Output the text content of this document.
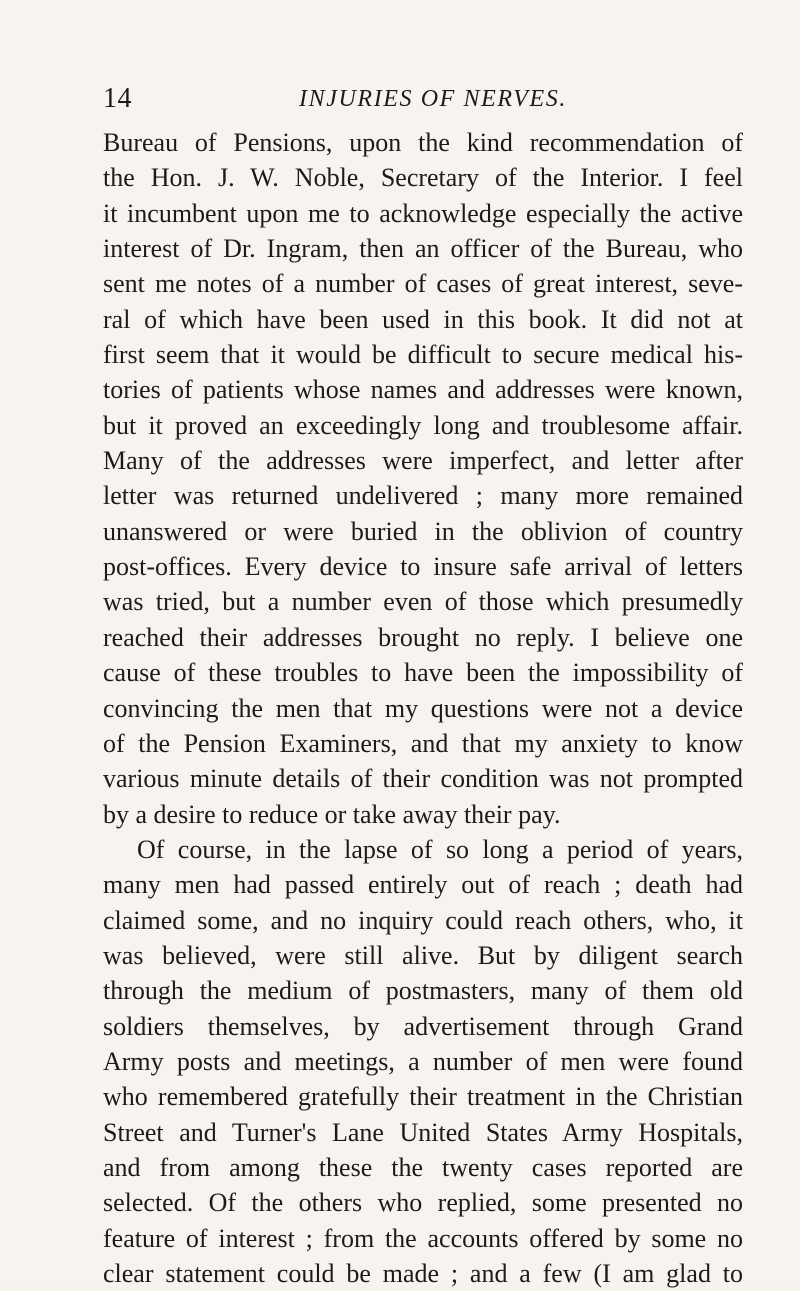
14	INJURIES OF NERVES.
Bureau of Pensions, upon the kind recommendation of
the Hon. J. W. Noble, Secretary of the Interior. I feel
it incumbent upon me to acknowledge especially the active
interest of Dr. Ingram, then an officer of the Bureau, who
sent me notes of a number of cases of great interest, seve-
ral of which have been used in this book. It did not at
first seem that it would be difficult to secure medical his-
tories of patients whose names and addresses were known,
but it proved an exceedingly long and troublesome affair.
Many of the addresses were imperfect, and letter after
letter was returned undelivered ; many more remained
unanswered or were buried in the oblivion of country
post-offices. Every device to insure safe arrival of letters
was tried, but a number even of those which presumedly
reached their addresses brought no reply. I believe one
cause of these troubles to have been the impossibility of
convincing the men that my questions were not a device
of the Pension Examiners, and that my anxiety to know
various minute details of their condition was not prompted
by a desire to reduce or take away their pay.
Of course, in the lapse of so long a period of years,
many men had passed entirely out of reach ; death had
claimed some, and no inquiry could reach others, who, it
was believed, were still alive. But by diligent search
through the medium of postmasters, many of them old
soldiers themselves, by advertisement through Grand
Army posts and meetings, a number of men were found
who remembered gratefully their treatment in the Christian
Street and Turner's Lane United States Army Hospitals,
and from among these the twenty cases reported are
selected. Of the others who replied, some presented no
feature of interest ; from the accounts offered by some no
clear statement could be made ; and a few (I am glad to
